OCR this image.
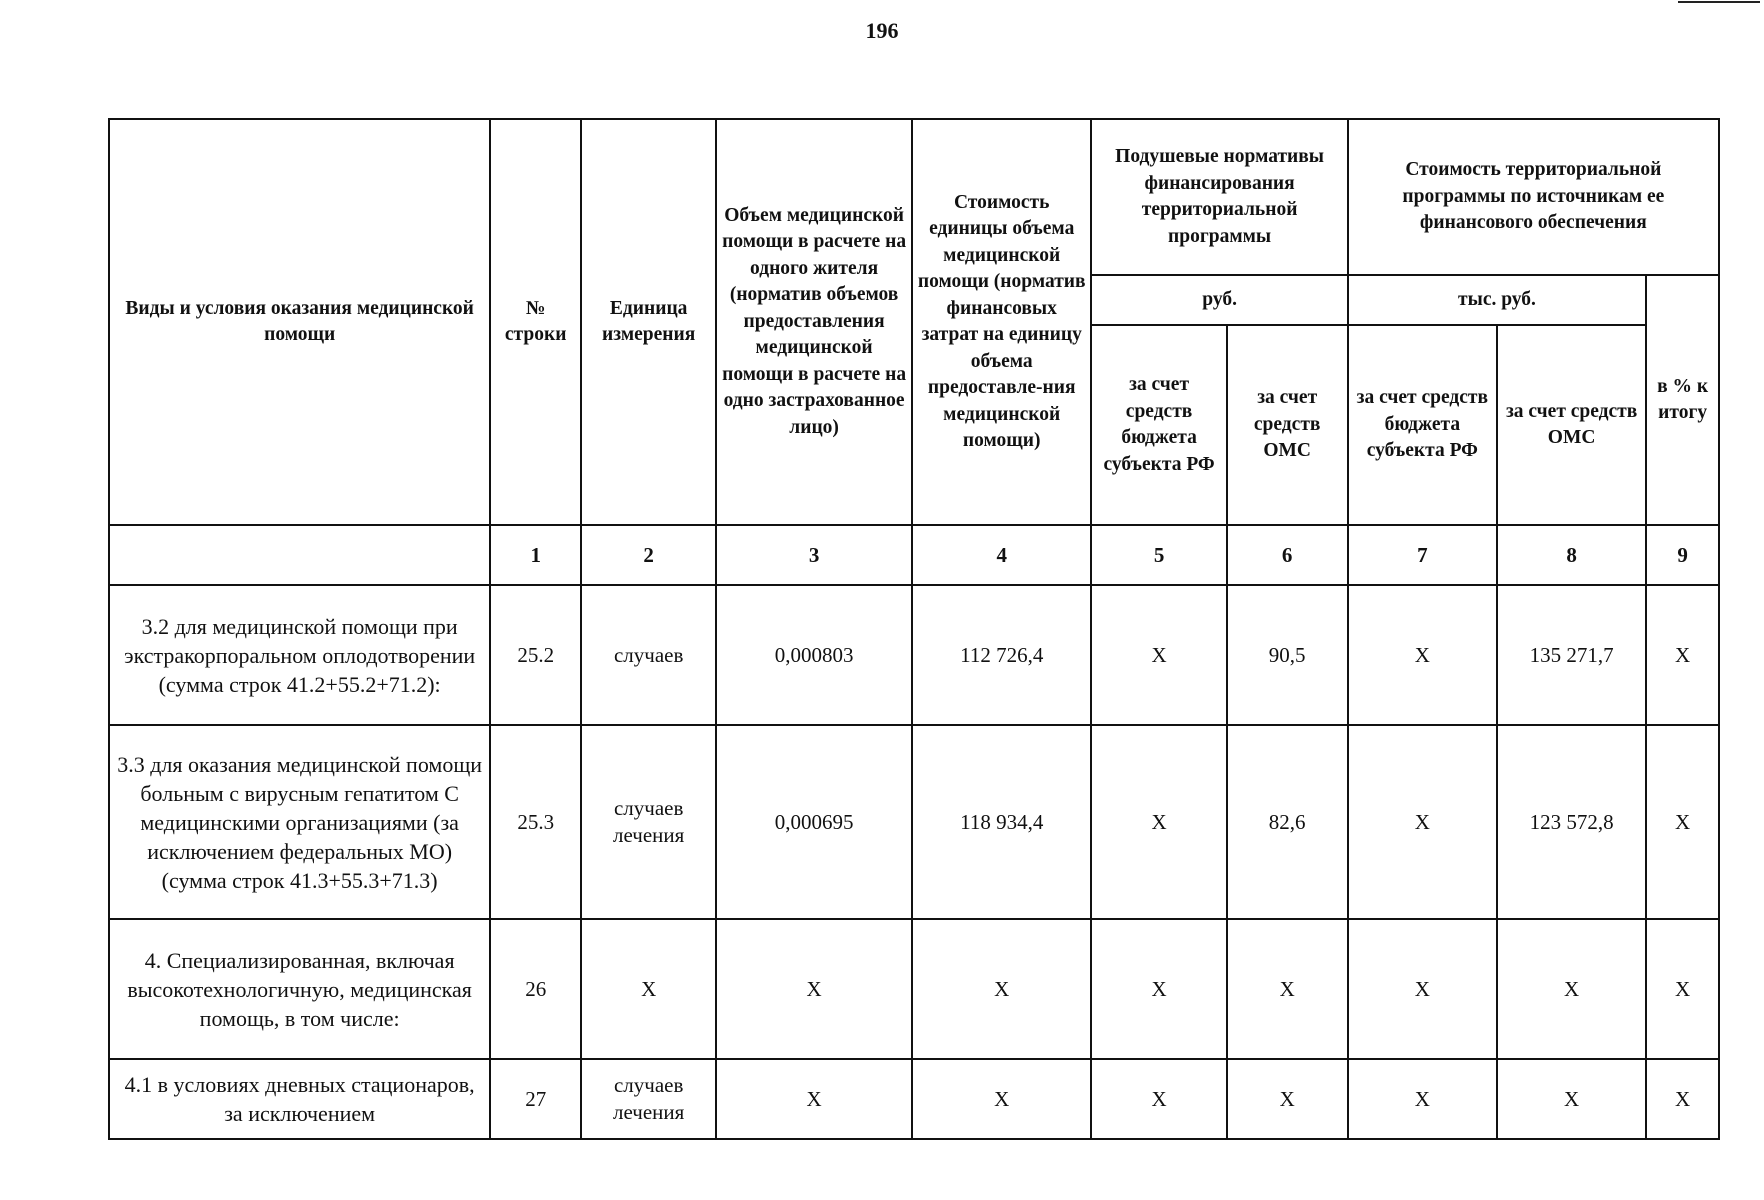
196
Виды и условия оказания медицинской помощи	№ строки	Единица измерения	Объем медицинской помощи в расчете на одного жителя (норматив объемов предоставления медицинской помощи в расчете на одно застрахованное лицо)	Стоимость единицы объема медицинской помощи (норматив финансовых затрат на единицу объема предоставле-ния медицинской помощи)	Подушевые нормативы финансирования территориальной программы		Стоимость территориальной программы по источникам ее финансового обеспечения		
					руб.		тыс. руб.		в % к итогу
					за счет средств бюджета субъекта РФ	за счет средств ОМС	за счет средств бюджета субъекта РФ	за счет средств ОМС	
	1	2	3	4	5	6	7	8	9
3.2 для медицинской помощи при экстракорпоральном оплодотворении (сумма строк 41.2+55.2+71.2):	25.2	случаев	0,000803	112 726,4	X	90,5	X	135 271,7	X
3.3 для оказания медицинской помощи больным с вирусным гепатитом С медицинскими организациями (за исключением федеральных МО) (сумма строк 41.3+55.3+71.3)	25.3	случаев лечения	0,000695	118 934,4	X	82,6	X	123 572,8	X
4. Специализированная, включая высокотехнологичную, медицинская помощь, в том числе:	26	X	X	X	X	X	X	X	X
4.1 в условиях дневных стационаров, за исключением	27	случаев лечения	X	X	X	X	X	X	X
